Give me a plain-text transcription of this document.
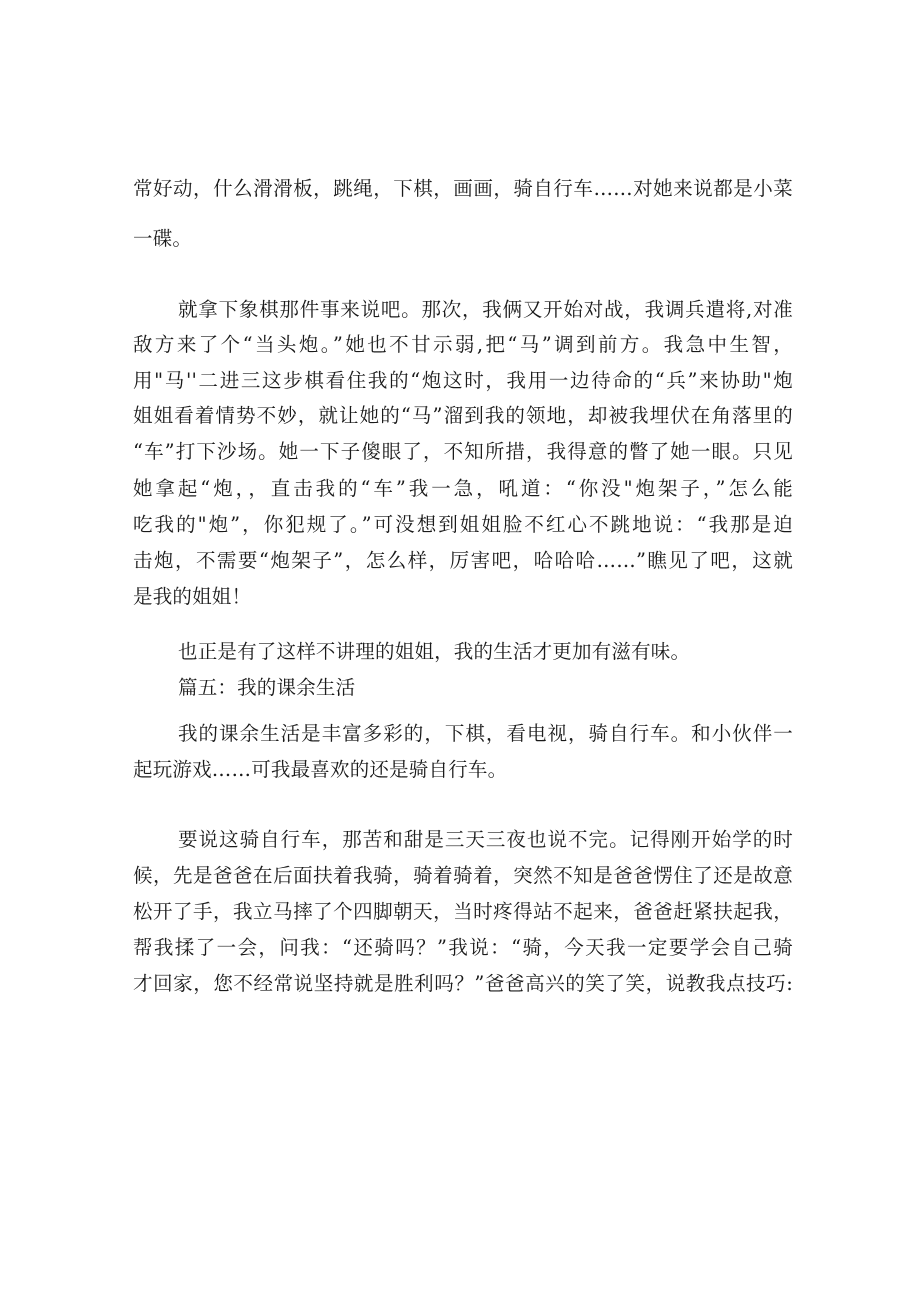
常好动，什么滑滑板，跳绳，下棋，画画，骑自行车……对她来说都是小菜
一碟。
就拿下象棋那件事来说吧。那次，我俩又开始对战，我调兵遣将,对准
敌方来了个“当头炮。”她也不甘示弱,把“马”调到前方。我急中生智，
用"马''二进三这步棋看住我的“炮这时，我用一边待命的“兵”来协助"炮
姐姐看着情势不妙，就让她的“马”溜到我的领地，却被我埋伏在角落里的
“车”打下沙场。她一下子傻眼了，不知所措，我得意的瞥了她一眼。只见
她拿起“炮，，直击我的“车”我一急，吼道：“你没"炮架子，”怎么能
吃我的"炮”，你犯规了。”可没想到姐姐脸不红心不跳地说：“我那是迫
击炮，不需要“炮架子”，怎么样，厉害吧，哈哈哈……”瞧见了吧，这就
是我的姐姐！
也正是有了这样不讲理的姐姐，我的生活才更加有滋有味。
篇五：我的课余生活
我的课余生活是丰富多彩的，下棋，看电视，骑自行车。和小伙伴一
起玩游戏……可我最喜欢的还是骑自行车。
要说这骑自行车，那苦和甜是三天三夜也说不完。记得刚开始学的时
候，先是爸爸在后面扶着我骑，骑着骑着，突然不知是爸爸愣住了还是故意
松开了手，我立马摔了个四脚朝天，当时疼得站不起来，爸爸赶紧扶起我，
帮我揉了一会，问我：“还骑吗？”我说：“骑，今天我一定要学会自己骑
才回家，您不经常说坚持就是胜利吗？”爸爸高兴的笑了笑，说教我点技巧:
